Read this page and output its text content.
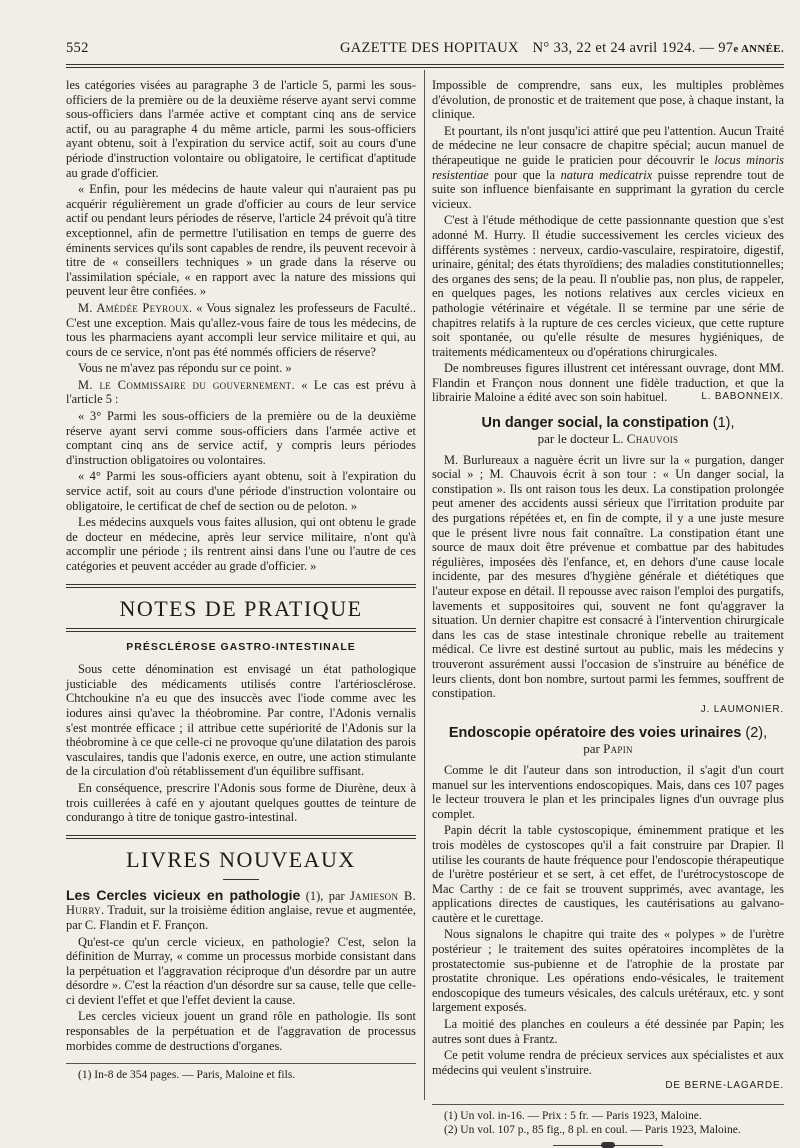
552	GAZETTE DES HOPITAUX N° 33, 22 et 24 avril 1924. — 97e ANNÉE.

les catégories visées au paragraphe 3 de l'article 5, parmi les sous-officiers de la première ou de la deuxième réserve ayant servi comme sous-officiers dans l'armée active et comptant cinq ans de service actif, ou au paragraphe 4 du même article, parmi les sous-officiers ayant obtenu, soit à l'expiration du service actif, soit au cours d'une période d'instruction volontaire ou obligatoire, le certificat d'aptitude au grade d'officier.

« Enfin, pour les médecins de haute valeur qui n'auraient pas pu acquérir régulièrement un grade d'officier au cours de leur service actif ou pendant leurs périodes de réserve, l'article 24 prévoit qu'à titre exceptionnel, afin de permettre l'utilisation en temps de guerre des éminents services qu'ils sont capables de rendre, ils peuvent recevoir à titre de « conseillers techniques » un grade dans la réserve ou l'assimilation spéciale, « en rapport avec la nature des missions qui peuvent leur être confiées. »

M. Amédée Peyroux. « Vous signalez les professeurs de Faculté.. C'est une exception. Mais qu'allez-vous faire de tous les médecins, de tous les pharmaciens ayant accompli leur service militaire et qui, au cours de ce service, n'ont pas été nommés officiers de réserve?

Vous ne m'avez pas répondu sur ce point. »

M. le Commissaire du gouvernement. « Le cas est prévu à l'article 5 :

« 3° Parmi les sous-officiers de la première ou de la deuxième réserve ayant servi comme sous-officiers dans l'armée active et comptant cinq ans de service actif, y compris leurs périodes d'instruction obligatoires ou volontaires.

« 4° Parmi les sous-officiers ayant obtenu, soit à l'expiration du service actif, soit au cours d'une période d'instruction volontaire ou obligatoire, le certificat de chef de section ou de peloton. »

Les médecins auxquels vous faites allusion, qui ont obtenu le grade de docteur en médecine, après leur service militaire, n'ont qu'à accomplir une période ; ils rentrent ainsi dans l'une ou l'autre de ces catégories et peuvent accéder au grade d'officier. »

NOTES DE PRATIQUE
PRÉSCLÉROSE GASTRO-INTESTINALE

Sous cette dénomination est envisagé un état pathologique justiciable des médicaments utilisés contre l'artériosclérose. Chtchoukine n'a eu que des insuccès avec l'iode comme avec les iodures ainsi qu'avec la théobromine. Par contre, l'Adonis vernalis s'est montrée efficace ; il attribue cette supériorité de l'Adonis sur la théobromine à ce que celle-ci ne provoque qu'une dilatation des parois vasculaires, tandis que l'adonis exerce, en outre, une action stimulante de la circulation d'où rétablissement d'un équilibre suffisant.

En conséquence, prescrire l'Adonis sous forme de Diurène, deux à trois cuillerées à café en y ajoutant quelques gouttes de teinture de condurango à titre de tonique gastro-intestinal.

LIVRES NOUVEAUX

Les Cercles vicieux en pathologie (1), par Jamieson B. Hurry. Traduit, sur la troisième édition anglaise, revue et augmentée, par C. Flandin et F. Françon.

Qu'est-ce qu'un cercle vicieux, en pathologie? C'est, selon la définition de Murray, « comme un processus morbide consistant dans la perpétuation et l'aggravation réciproque d'un désordre par un autre désordre ». C'est la réaction d'un désordre sur sa cause, telle que celle-ci devient l'effet et que l'effet devient la cause.

Les cercles vicieux jouent un grand rôle en pathologie. Ils sont responsables de la perpétuation et de l'aggravation de processus morbides comme de destructions d'organes.

(1) In-8 de 354 pages. — Paris, Maloine et fils.

Impossible de comprendre, sans eux, les multiples problèmes d'évolution, de pronostic et de traitement que pose, à chaque instant, la clinique.

Et pourtant, ils n'ont jusqu'ici attiré que peu l'attention. Aucun Traité de médecine ne leur consacre de chapitre spécial; aucun manuel de thérapeutique ne guide le praticien pour découvrir le locus minoris resistentiae pour que la natura medicatrix puisse reprendre tout de suite son influence bienfaisante en supprimant la gyration du cercle vicieux.

C'est à l'étude méthodique de cette passionnante question que s'est adonné M. Hurry. Il étudie successivement les cercles vicieux des différents systèmes : nerveux, cardio-vasculaire, respiratoire, digestif, urinaire, génital; des états thyroïdiens; des maladies constitutionnelles; des organes des sens; de la peau. Il n'oublie pas, non plus, de rappeler, en quelques pages, les notions relatives aux cercles vicieux en pathologie vétérinaire et végétale. Il se termine par une série de chapitres relatifs à la rupture de ces cercles vicieux, que cette rupture soit spontanée, ou qu'elle résulte de mesures hygiéniques, de traitements médicamenteux ou d'opérations chirurgicales.

De nombreuses figures illustrent cet intéressant ouvrage, dont MM. Flandin et Françon nous donnent une fidèle traduction, et que la librairie Maloine a édité avec son soin habituel.	L. BABONNEIX.

Un danger social, la constipation (1),
par le docteur L. Chauvois

M. Burlureaux a naguère écrit un livre sur la « purgation, danger social » ; M. Chauvois écrit à son tour : « Un danger social, la constipation ». Ils ont raison tous les deux. La constipation prolongée peut amener des accidents aussi sérieux que l'irritation produite par des purgations répétées et, en fin de compte, il y a une juste mesure que le présent livre nous fait connaître. La constipation étant une source de maux doit être prévenue et combattue par des habitudes régulières, imposées dès l'enfance, et, en dehors d'une cause locale incidente, par des mesures d'hygiène générale et diététiques que l'auteur expose en détail. Il repousse avec raison l'emploi des purgatifs, lavements et suppositoires qui, souvent ne font qu'aggraver la situation. Un dernier chapitre est consacré à l'intervention chirurgicale dans les cas de stase intestinale chronique rebelle au traitement médical. Ce livre est destiné surtout au public, mais les médecins y trouveront assurément aussi l'occasion de s'instruire au bénéfice de leurs clients, dont bon nombre, surtout parmi les femmes, souffrent de constipation.

J. LAUMONIER.
Endoscopie opératoire des voies urinaires (2),
par Papin

Comme le dit l'auteur dans son introduction, il s'agit d'un court manuel sur les interventions endoscopiques. Mais, dans ces 107 pages le lecteur trouvera le plan et les principales lignes d'un ouvrage plus complet.

Papin décrit la table cystoscopique, éminemment pratique et les trois modèles de cystoscopes qu'il a fait construire par Drapier. Il utilise les courants de haute fréquence pour l'endoscopie thérapeutique de l'urètre postérieur et se sert, à cet effet, de l'urétrocystoscope de Mac Carthy : de ce fait se trouvent supprimés, avec avantage, les applications directes de caustiques, les cautérisations au galvano-cautère et le curettage.

Nous signalons le chapitre qui traite des « polypes » de l'urètre postérieur ; le traitement des suites opératoires incomplètes de la prostatectomie sus-pubienne et de l'atrophie de la prostate par prostatite chronique. Les opérations endo-vésicales, le traitement endoscopique des tumeurs vésicales, des calculs urétéraux, etc. y sont largement exposés.

La moitié des planches en couleurs a été dessinée par Papin; les autres sont dues à Frantz.

Ce petit volume rendra de précieux services aux spécialistes et aux médecins qui veulent s'instruire.

DE BERNE-LAGARDE.

(1) Un vol. in-16. — Prix : 5 fr. — Paris 1923, Maloine.

(2) Un vol. 107 p., 85 fig., 8 pl. en coul. — Paris 1923, Maloine.
